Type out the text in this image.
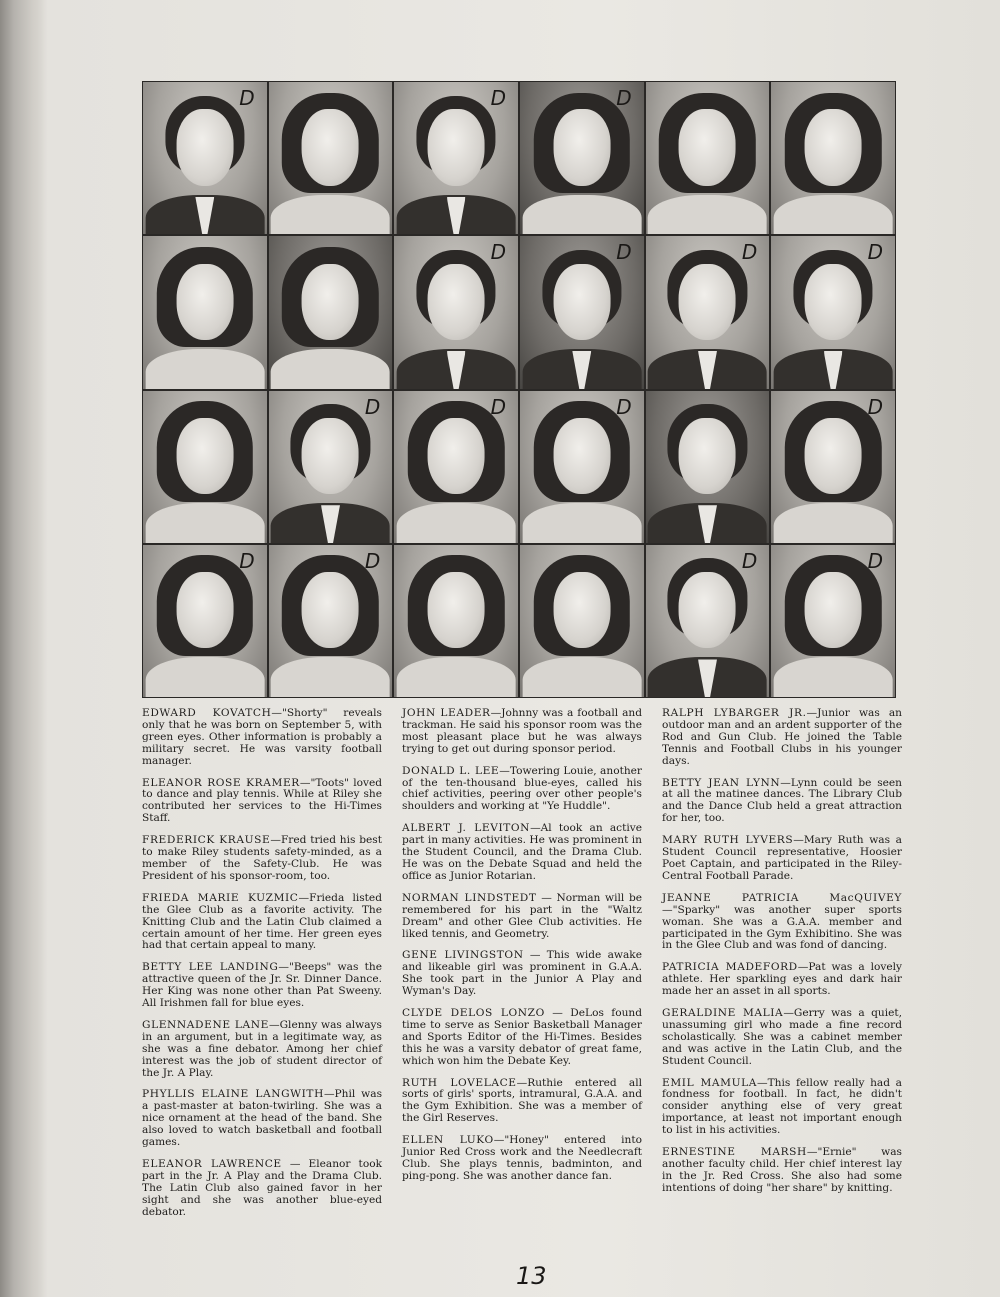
D	D	D
D	D	D	D
D	D	D	D
D	D	D	D

EDWARD KOVATCH—"Shorty" reveals only that he was born on September 5, with green eyes. Other information is probably a military secret. He was varsity football manager.

ELEANOR ROSE KRAMER—"Toots" loved to dance and play tennis. While at Riley she contributed her services to the Hi-Times Staff.

FREDERICK KRAUSE—Fred tried his best to make Riley students safety-minded, as a member of the Safety-Club. He was President of his sponsor-room, too.

FRIEDA MARIE KUZMIC—Frieda listed the Glee Club as a favorite activity. The Knitting Club and the Latin Club claimed a certain amount of her time. Her green eyes had that certain appeal to many.

BETTY LEE LANDING—"Beeps" was the attractive queen of the Jr. Sr. Dinner Dance. Her King was none other than Pat Sweeny. All Irishmen fall for blue eyes.

GLENNADENE LANE—Glenny was always in an argument, but in a legitimate way, as she was a fine debator. Among her chief interest was the job of student director of the Jr. A Play.

PHYLLIS ELAINE LANGWITH—Phil was a past-master at baton-twirling. She was a nice ornament at the head of the band. She also loved to watch basketball and football games.

ELEANOR LAWRENCE — Eleanor took part in the Jr. A Play and the Drama Club. The Latin Club also gained favor in her sight and she was another blue-eyed debator.

JOHN LEADER—Johnny was a football and trackman. He said his sponsor room was the most pleasant place but he was always trying to get out during sponsor period.

DONALD L. LEE—Towering Louie, another of the ten-thousand blue-eyes, called his chief activities, peering over other people's shoulders and working at "Ye Huddle".

ALBERT J. LEVITON—Al took an active part in many activities. He was prominent in the Student Council, and the Drama Club. He was on the Debate Squad and held the office as Junior Rotarian.

NORMAN LINDSTEDT — Norman will be remembered for his part in the "Waltz Dream" and other Glee Club activities. He liked tennis, and Geometry.

GENE LIVINGSTON — This wide awake and likeable girl was prominent in G.A.A. She took part in the Junior A Play and Wyman's Day.

CLYDE DELOS LONZO — DeLos found time to serve as Senior Basketball Manager and Sports Editor of the Hi-Times. Besides this he was a varsity debator of great fame, which won him the Debate Key.

RUTH LOVELACE—Ruthie entered all sorts of girls' sports, intramural, G.A.A. and the Gym Exhibition. She was a member of the Girl Reserves.

ELLEN LUKO—"Honey" entered into Junior Red Cross work and the Needlecraft Club. She plays tennis, badminton, and ping-pong. She was another dance fan.

RALPH LYBARGER JR.—Junior was an outdoor man and an ardent supporter of the Rod and Gun Club. He joined the Table Tennis and Football Clubs in his younger days.

BETTY JEAN LYNN—Lynn could be seen at all the matinee dances. The Library Club and the Dance Club held a great attraction for her, too.

MARY RUTH LYVERS—Mary Ruth was a Student Council representative, Hoosier Poet Captain, and participated in the Riley-Central Football Parade.

JEANNE PATRICIA MacQUIVEY—"Sparky" was another super sports woman. She was a G.A.A. member and participated in the Gym Exhibitino. She was in the Glee Club and was fond of dancing.

PATRICIA MADEFORD—Pat was a lovely athlete. Her sparkling eyes and dark hair made her an asset in all sports.

GERALDINE MALIA—Gerry was a quiet, unassuming girl who made a fine record scholastically. She was a cabinet member and was active in the Latin Club, and the Student Council.

EMIL MAMULA—This fellow really had a fondness for football. In fact, he didn't consider anything else of very great importance, at least not important enough to list in his activities.

ERNESTINE MARSH—"Ernie" was another faculty child. Her chief interest lay in the Jr. Red Cross. She also had some intentions of doing "her share" by knitting.

13
